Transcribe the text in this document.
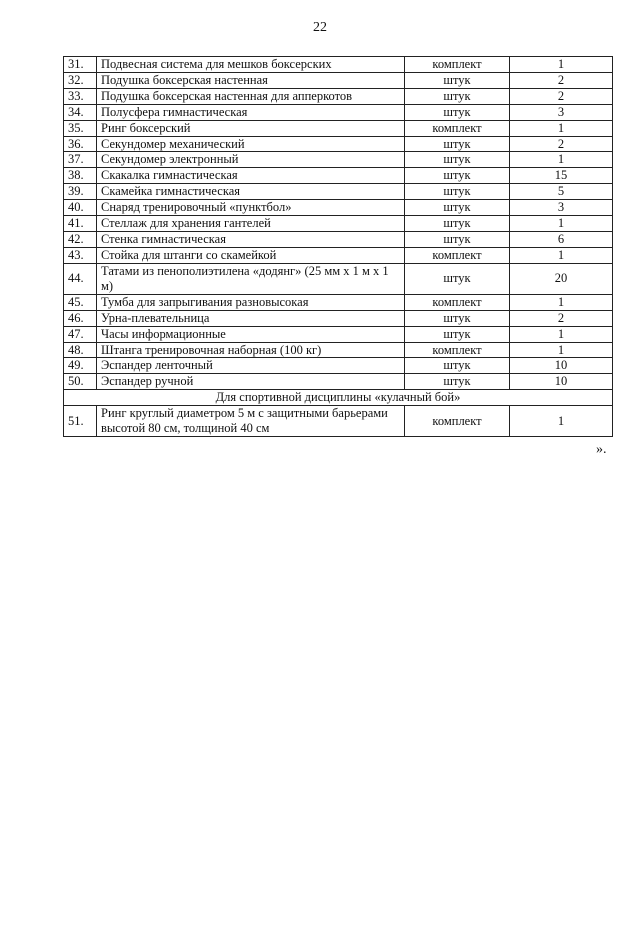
22
31.	Подвесная система для мешков боксерских	комплект	1
32.	Подушка боксерская настенная	штук	2
33.	Подушка боксерская настенная для апперкотов	штук	2
34.	Полусфера гимнастическая	штук	3
35.	Ринг боксерский	комплект	1
36.	Секундомер механический	штук	2
37.	Секундомер электронный	штук	1
38.	Скакалка гимнастическая	штук	15
39.	Скамейка гимнастическая	штук	5
40.	Снаряд тренировочный «пунктбол»	штук	3
41.	Стеллаж для хранения гантелей	штук	1
42.	Стенка гимнастическая	штук	6
43.	Стойка для штанги со скамейкой	комплект	1
44.	Татами из пенополиэтилена «додянг» (25 мм х 1 м х 1 м)	штук	20
45.	Тумба для запрыгивания разновысокая	комплект	1
46.	Урна-плевательница	штук	2
47.	Часы информационные	штук	1
48.	Штанга тренировочная наборная (100 кг)	комплект	1
49.	Эспандер ленточный	штук	10
50.	Эспандер ручной	штук	10
Для спортивной дисциплины «кулачный бой»			
51.	Ринг круглый диаметром 5 м с защитными барьерами высотой 80 см, толщиной 40 см	комплект	1
».
